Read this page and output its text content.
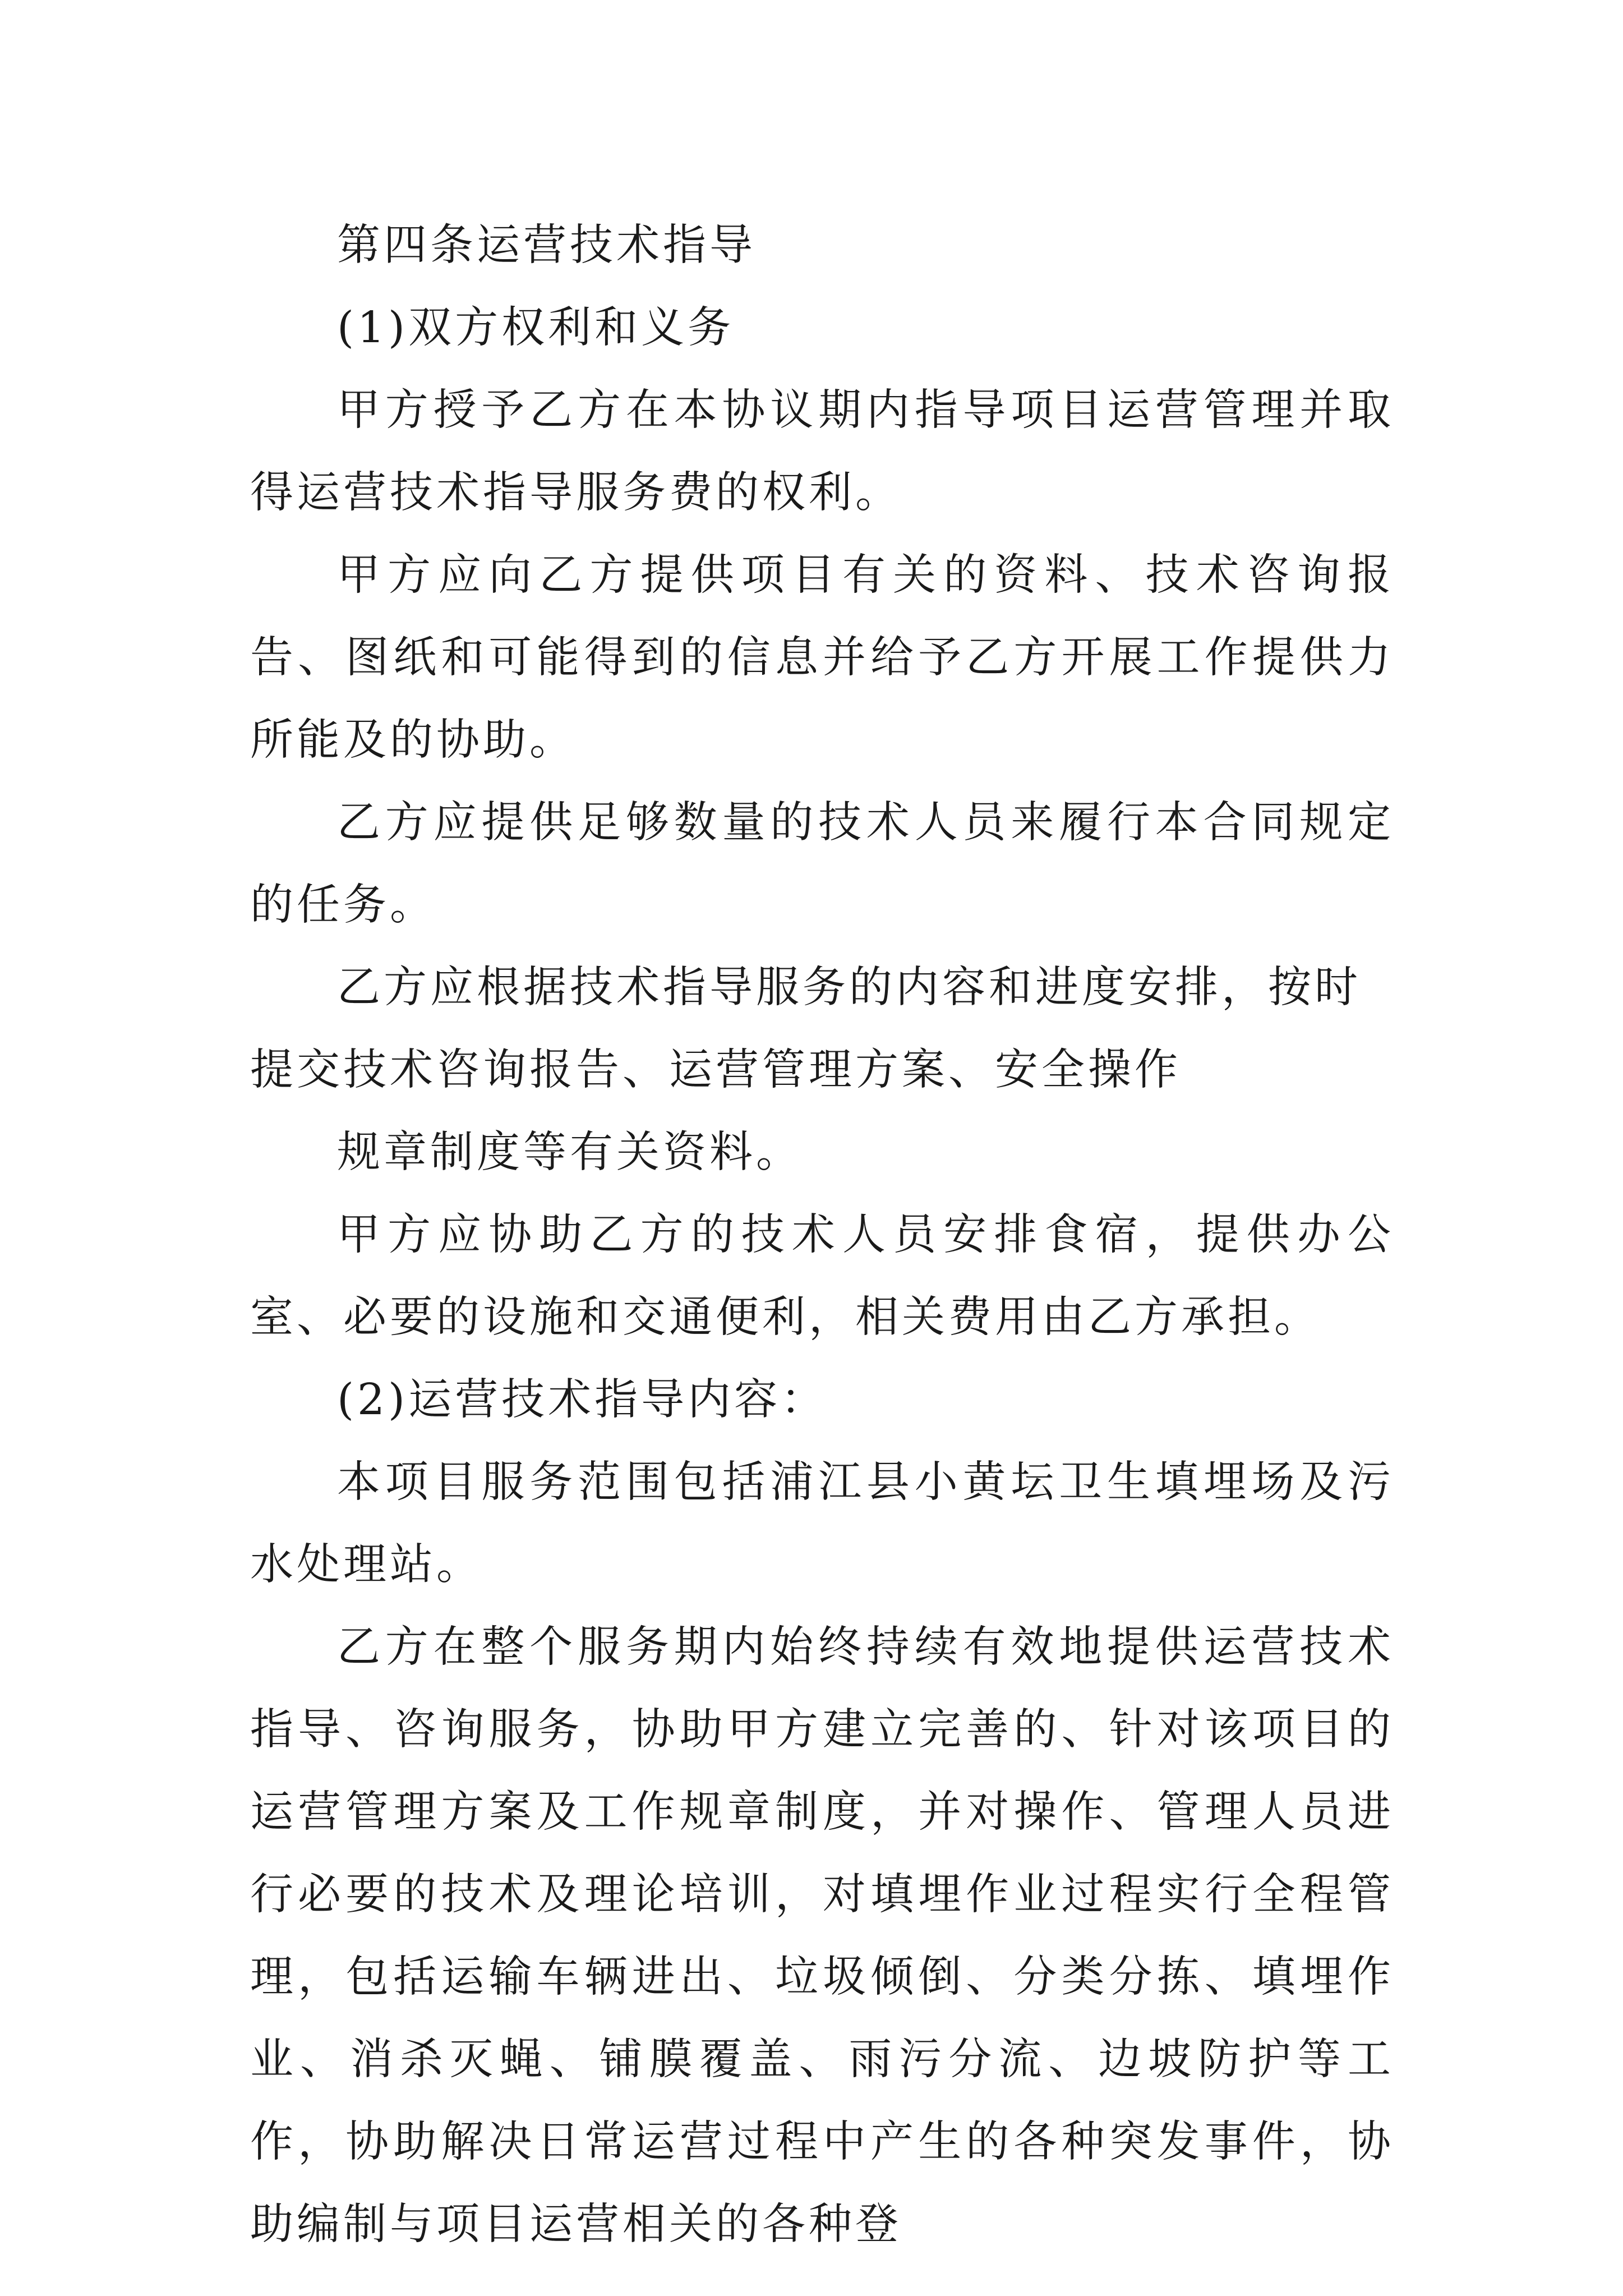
第四条运营技术指导

(1)双方权利和义务

甲方授予乙方在本协议期内指导项目运营管理并取得运营技术指导服务费的权利。

甲方应向乙方提供项目有关的资料、技术咨询报告、图纸和可能得到的信息并给予乙方开展工作提供力所能及的协助。

乙方应提供足够数量的技术人员来履行本合同规定的任务。

乙方应根据技术指导服务的内容和进度安排，按时提交技术咨询报告、运营管理方案、安全操作

规章制度等有关资料。

甲方应协助乙方的技术人员安排食宿，提供办公室、必要的设施和交通便利，相关费用由乙方承担。

(2)运营技术指导内容：

本项目服务范围包括浦江县小黄坛卫生填埋场及污水处理站。

乙方在整个服务期内始终持续有效地提供运营技术指导、咨询服务，协助甲方建立完善的、针对该项目的运营管理方案及工作规章制度，并对操作、管理人员进行必要的技术及理论培训，对填埋作业过程实行全程管理，包括运输车辆进出、垃圾倾倒、分类分拣、填埋作业、消杀灭蝇、铺膜覆盖、雨污分流、边坡防护等工作，协助解决日常运营过程中产生的各种突发事件，协助编制与项目运营相关的各种登
